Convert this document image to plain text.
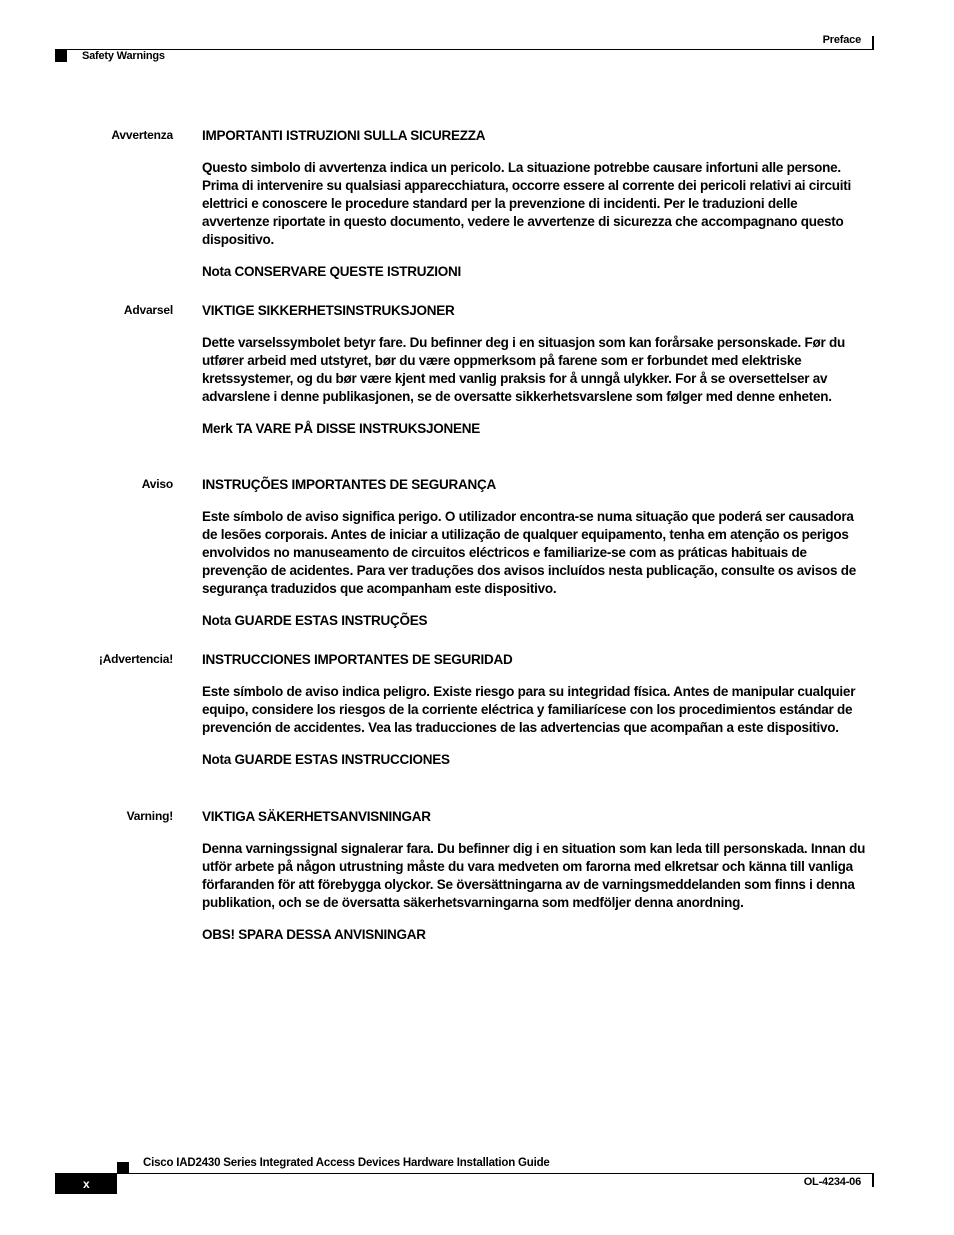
Preface
Safety Warnings
Avvertenza IMPORTANTI ISTRUZIONI SULLA SICUREZZA

Questo simbolo di avvertenza indica un pericolo. La situazione potrebbe causare infortuni alle persone. Prima di intervenire su qualsiasi apparecchiatura, occorre essere al corrente dei pericoli relativi ai circuiti elettrici e conoscere le procedure standard per la prevenzione di incidenti. Per le traduzioni delle avvertenze riportate in questo documento, vedere le avvertenze di sicurezza che accompagnano questo dispositivo.

Nota CONSERVARE QUESTE ISTRUZIONI

Advarsel VIKTIGE SIKKERHETSINSTRUKSJONER

Dette varselssymbolet betyr fare. Du befinner deg i en situasjon som kan forårsake personskade. Før du utfører arbeid med utstyret, bør du være oppmerksom på farene som er forbundet med elektriske kretssystemer, og du bør være kjent med vanlig praksis for å unngå ulykker. For å se oversettelser av advarslene i denne publikasjonen, se de oversatte sikkerhetsvarslene som følger med denne enheten.

Merk TA VARE PÅ DISSE INSTRUKSJONENE

Aviso INSTRUÇÕES IMPORTANTES DE SEGURANÇA

Este símbolo de aviso significa perigo. O utilizador encontra-se numa situação que poderá ser causadora de lesões corporais. Antes de iniciar a utilização de qualquer equipamento, tenha em atenção os perigos envolvidos no manuseamento de circuitos eléctricos e familiarize-se com as práticas habituais de prevenção de acidentes. Para ver traduções dos avisos incluídos nesta publicação, consulte os avisos de segurança traduzidos que acompanham este dispositivo.

Nota GUARDE ESTAS INSTRUÇÕES

¡Advertencia! INSTRUCCIONES IMPORTANTES DE SEGURIDAD

Este símbolo de aviso indica peligro. Existe riesgo para su integridad física. Antes de manipular cualquier equipo, considere los riesgos de la corriente eléctrica y familiarícese con los procedimientos estándar de prevención de accidentes. Vea las traducciones de las advertencias que acompañan a este dispositivo.

Nota GUARDE ESTAS INSTRUCCIONES

Varning! VIKTIGA SÄKERHETSANVISNINGAR

Denna varningssignal signalerar fara. Du befinner dig i en situation som kan leda till personskada. Innan du utför arbete på någon utrustning måste du vara medveten om farorna med elkretsar och känna till vanliga förfaranden för att förebygga olyckor. Se översättningarna av de varningsmeddelanden som finns i denna publikation, och se de översatta säkerhetsvarningarna som medföljer denna anordning.

OBS! SPARA DESSA ANVISNINGAR

Cisco IAD2430 Series Integrated Access Devices Hardware Installation Guide
x	OL-4234-06
